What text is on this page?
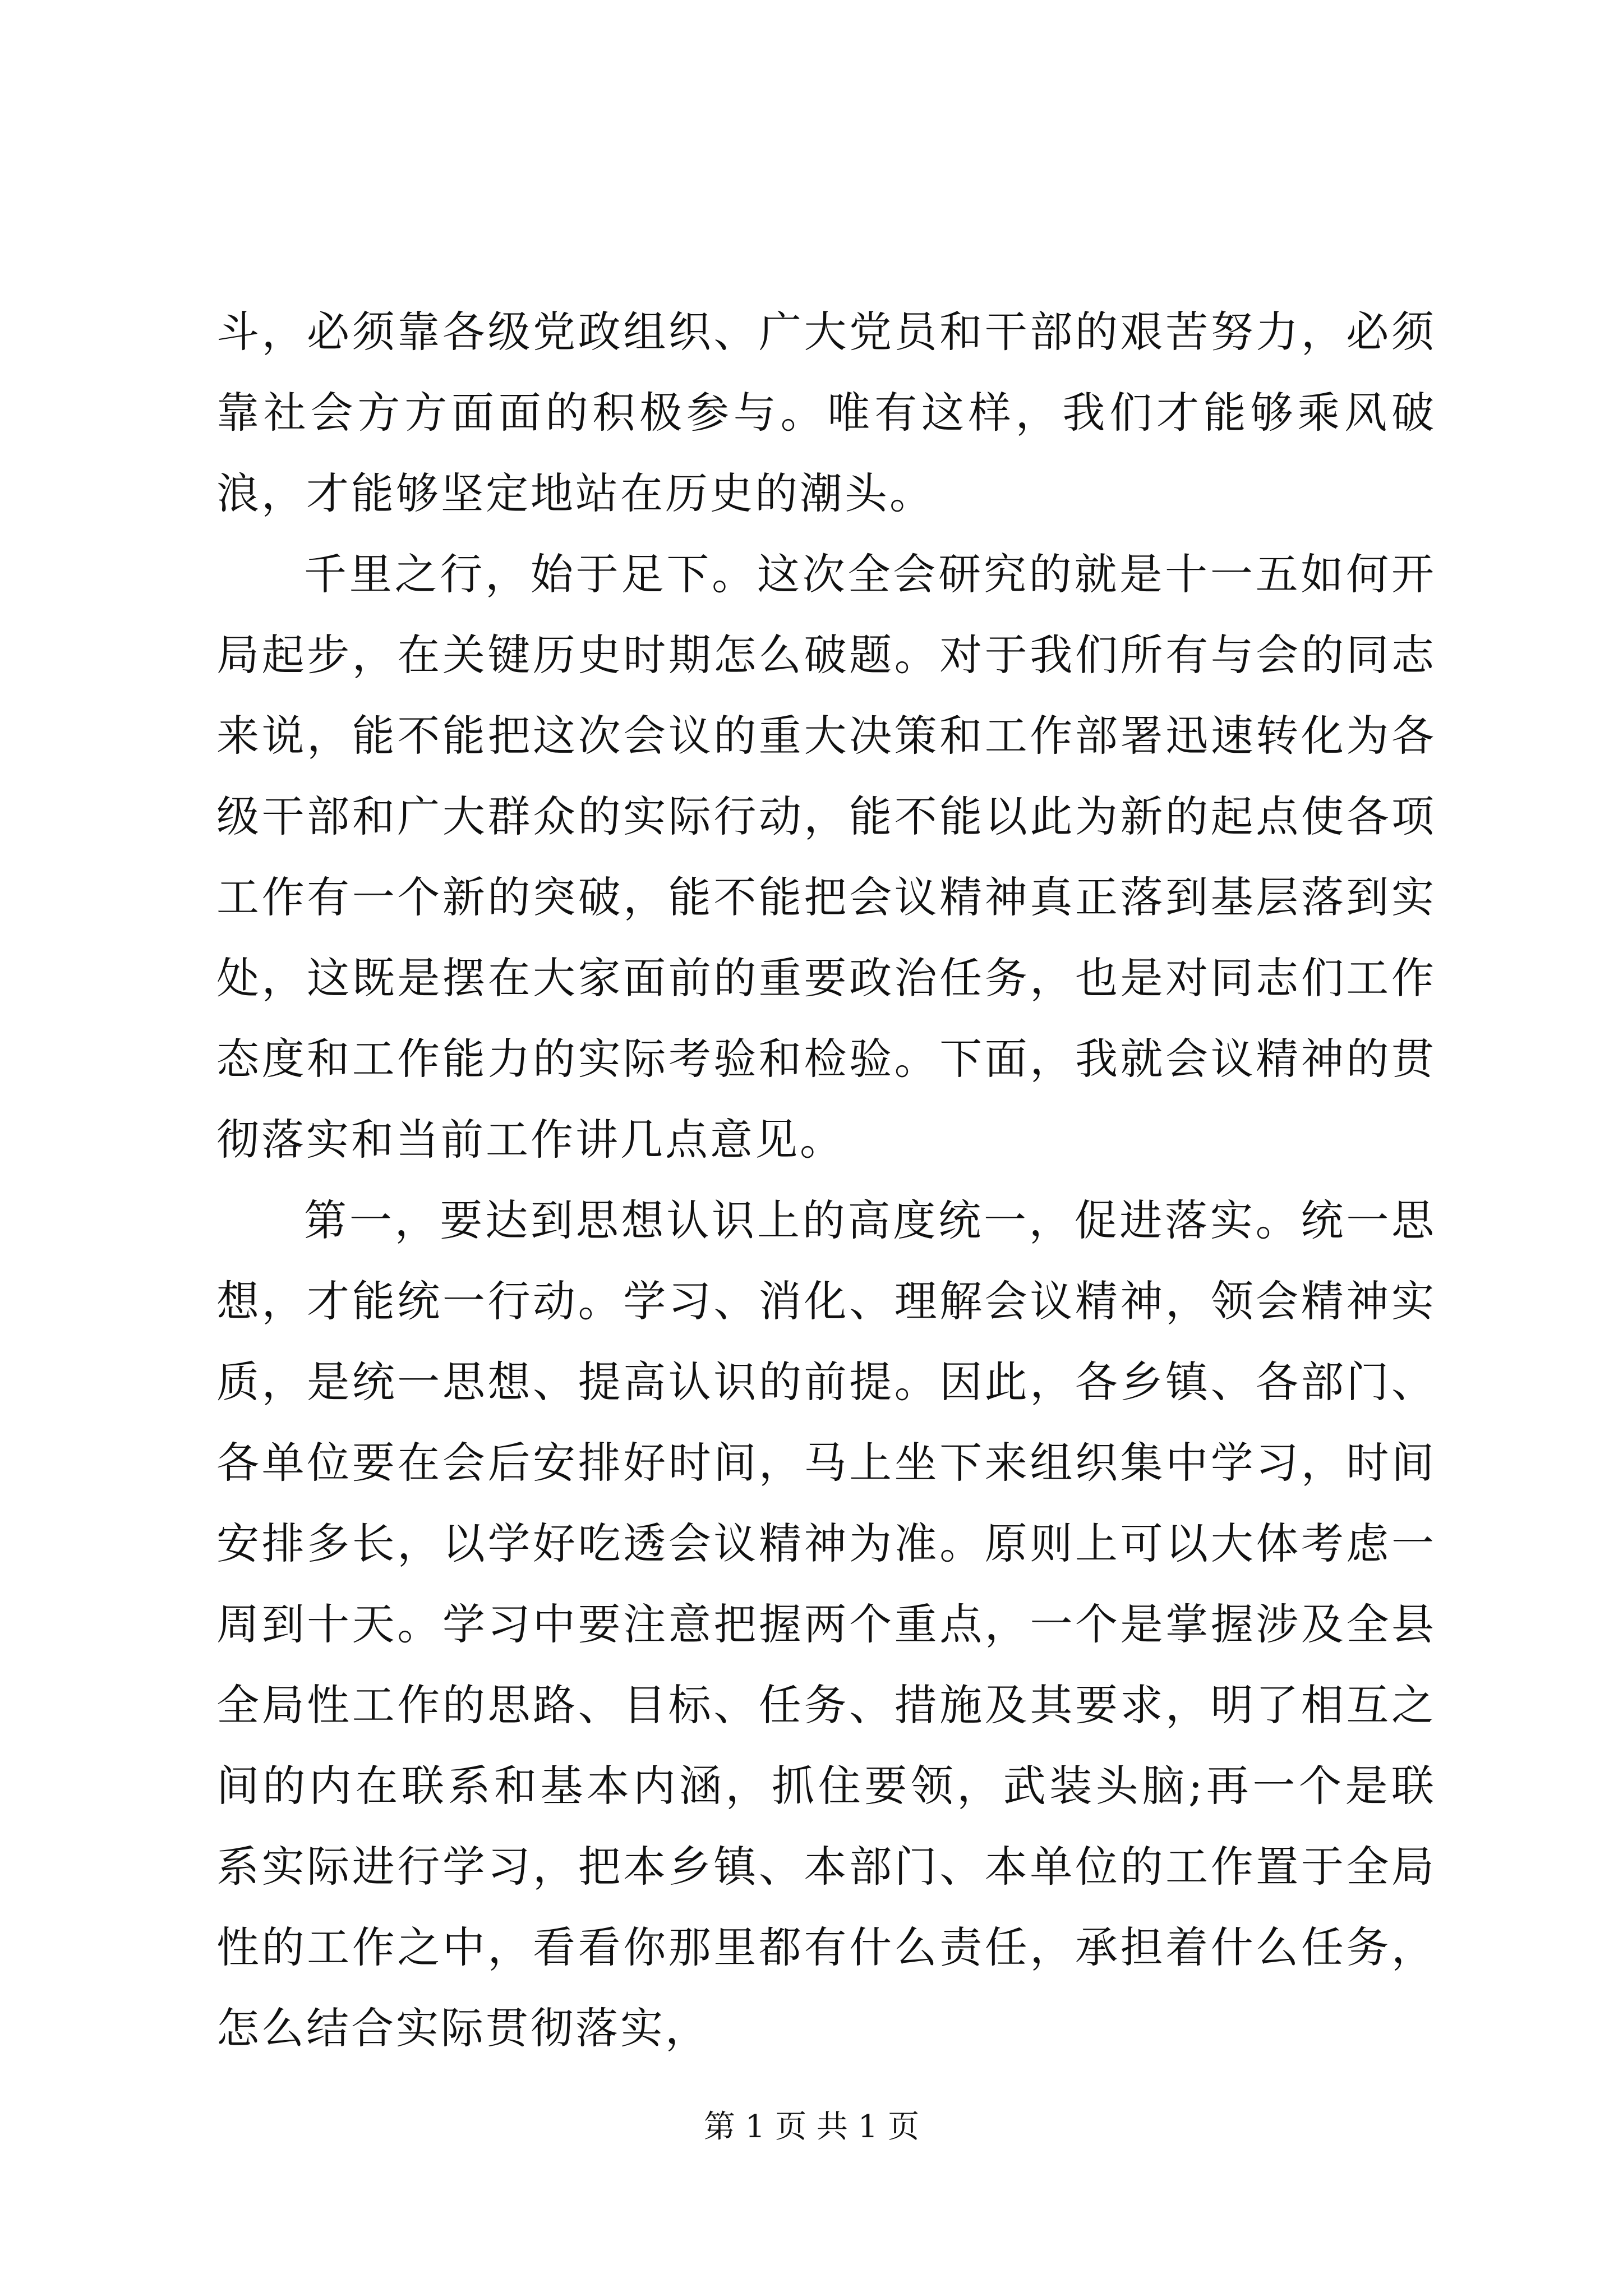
斗，必须靠各级党政组织、广大党员和干部的艰苦努力，必须靠社会方方面面的积极参与。唯有这样，我们才能够乘风破浪，才能够坚定地站在历史的潮头。

千里之行，始于足下。这次全会研究的就是十一五如何开局起步，在关键历史时期怎么破题。对于我们所有与会的同志来说，能不能把这次会议的重大决策和工作部署迅速转化为各级干部和广大群众的实际行动，能不能以此为新的起点使各项工作有一个新的突破，能不能把会议精神真正落到基层落到实处，这既是摆在大家面前的重要政治任务，也是对同志们工作态度和工作能力的实际考验和检验。下面，我就会议精神的贯彻落实和当前工作讲几点意见。

第一，要达到思想认识上的高度统一，促进落实。统一思想，才能统一行动。学习、消化、理解会议精神，领会精神实质，是统一思想、提高认识的前提。因此，各乡镇、各部门、各单位要在会后安排好时间，马上坐下来组织集中学习，时间安排多长，以学好吃透会议精神为准。原则上可以大体考虑一周到十天。学习中要注意把握两个重点，一个是掌握涉及全县全局性工作的思路、目标、任务、措施及其要求，明了相互之间的内在联系和基本内涵，抓住要领，武装头脑;再一个是联系实际进行学习，把本乡镇、本部门、本单位的工作置于全局性的工作之中，看看你那里都有什么责任，承担着什么任务，怎么结合实际贯彻落实，

第 1 页 共 1 页
